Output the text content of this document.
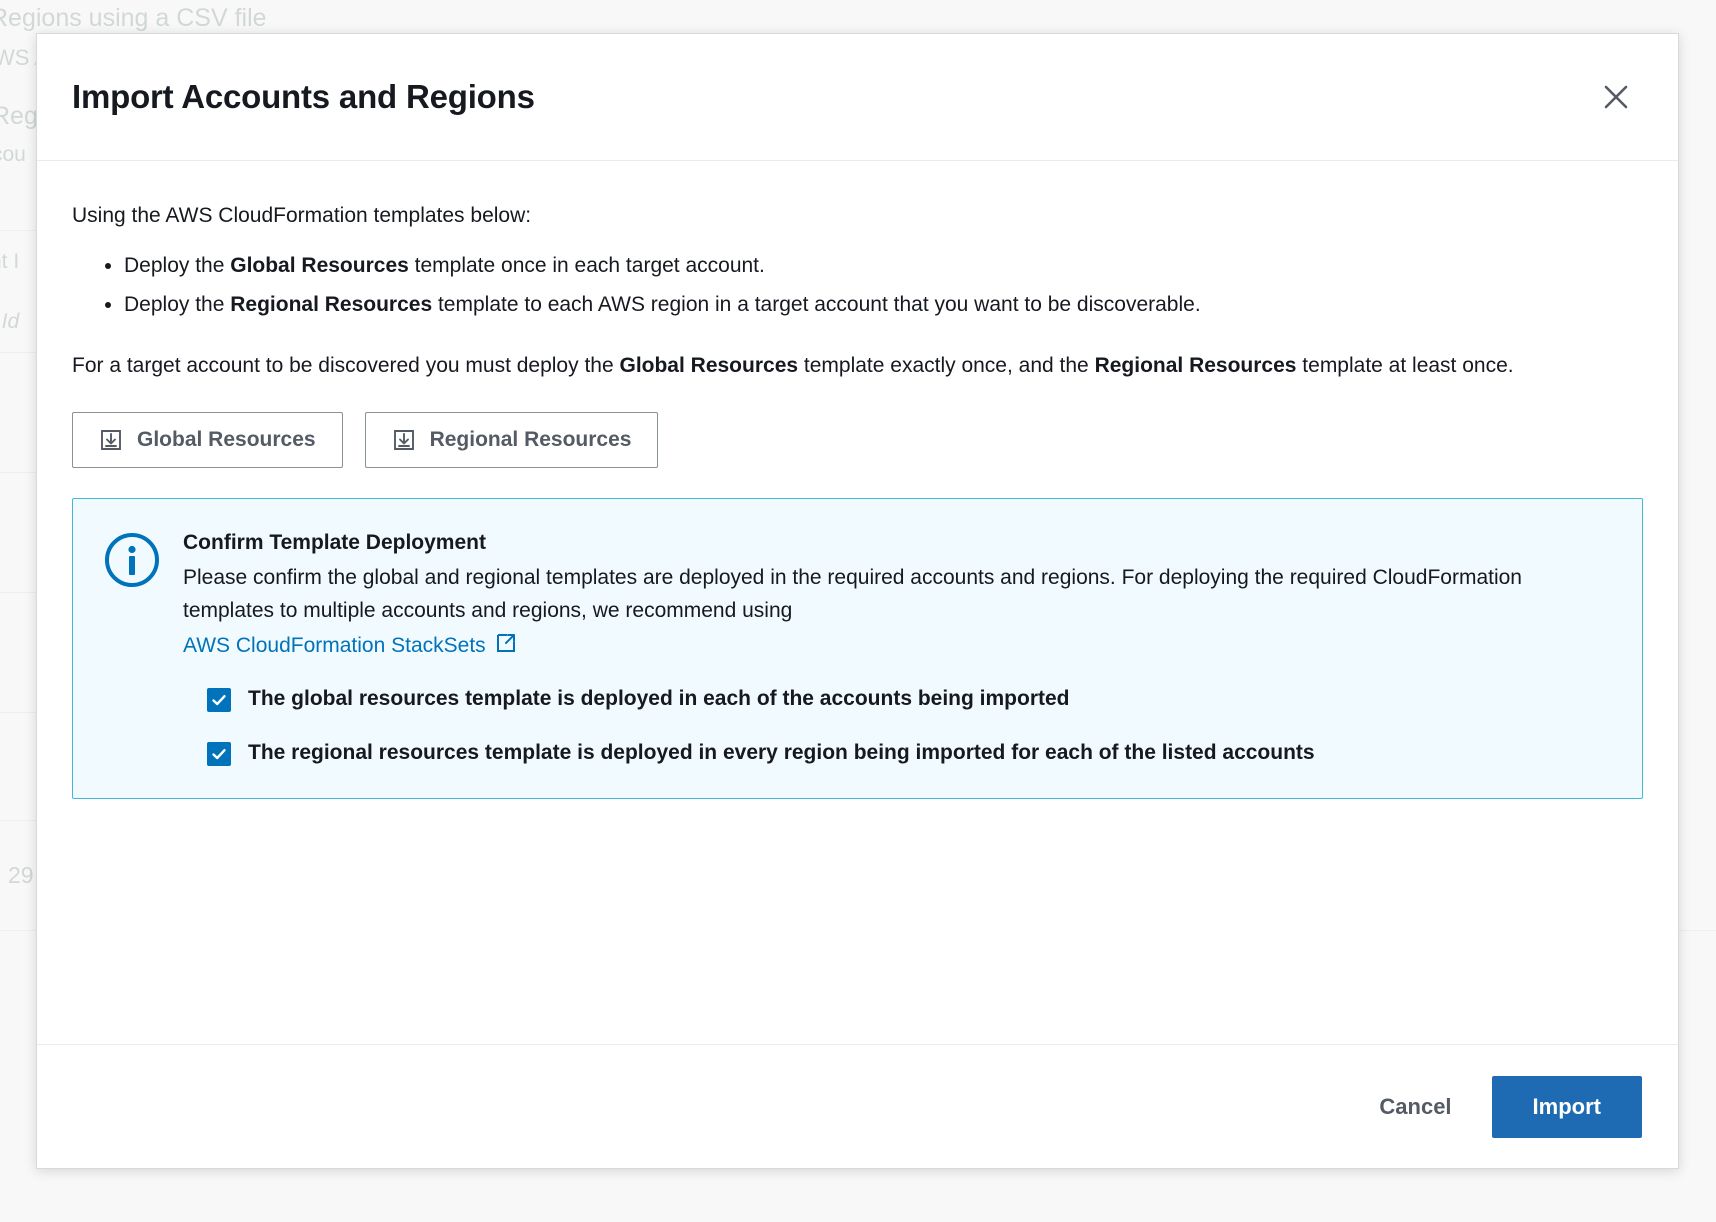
Import Accounts and Regions

Using the AWS CloudFormation templates below:

• Deploy the Global Resources template once in each target account.
• Deploy the Regional Resources template to each AWS region in a target account that you want to be discoverable.

For a target account to be discovered you must deploy the Global Resources template exactly once, and the Regional Resources template at least once.

Global Resources	Regional Resources
Confirm Template Deployment
Please confirm the global and regional templates are deployed in the required accounts and regions. For deploying the required CloudFormation templates to multiple accounts and regions, we recommend using
AWS CloudFormation StackSets
The global resources template is deployed in each of the accounts being imported
The regional resources template is deployed in every region being imported for each of the listed accounts
Cancel	Import
